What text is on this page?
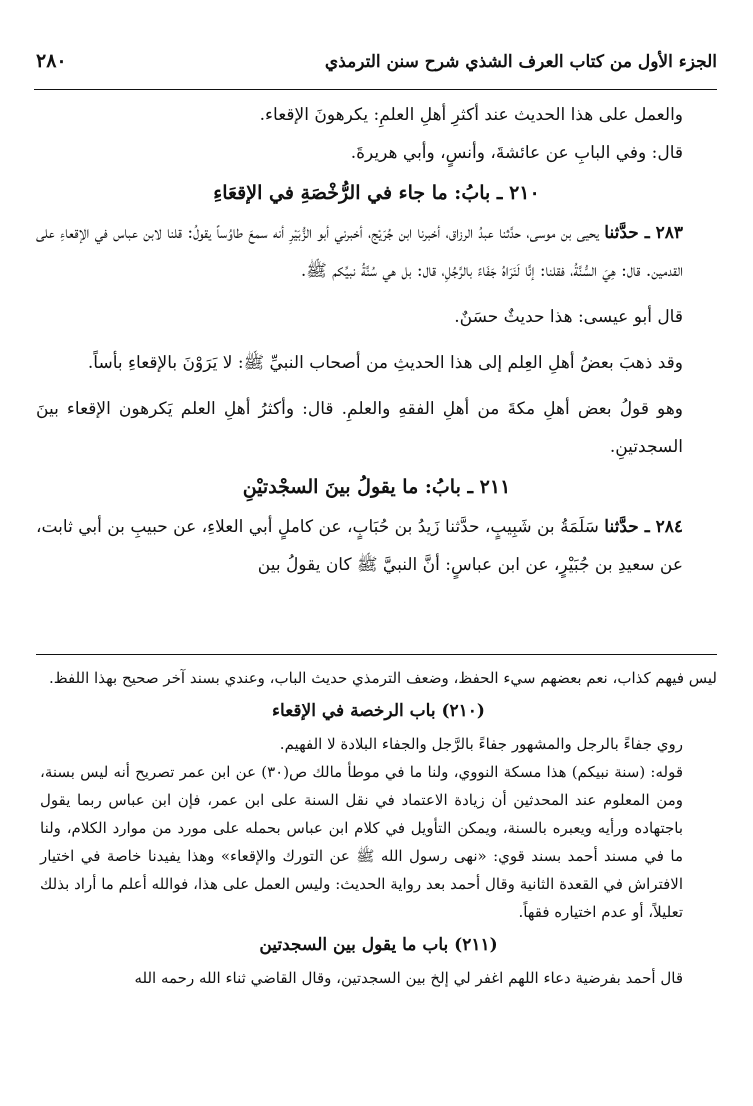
الجزء الأول من كتاب العرف الشذي شرح سنن الترمذي
٢٨٠

والعمل على هذا الحديث عند أكثرِ أهلِ العلمِ: يكرهونَ الإقعاء.

قال: وفي البابِ عن عائشةَ، وأنسٍ، وأبي هريرةَ.

٢١٠ ـ بابُ: ما جاء في الرُّخْصَةِ في الإقعَاءِ

٢٨٣ ـ حدَّثنا يحيى بن موسى، حدَّثنا عبدُ الرزاق، أخبرنا ابن جُرَيْج، أخبرني أبو الزُّبَيْرِ أنه سمعَ طاوُساً يقولُ: قلنا لابن عباس في الإقعاءِ على القدمين. قال: هِيَ السُّنَّةُ، فقلنا: إنَّا لَنَرَاهُ جَفَاءً بالرَّجُلِ، قال: بل هي سُنَّةُ نبيِّكم ﷺ.

قال أبو عيسى: هذا حديثٌ حسَنٌ.

وقد ذهبَ بعضُ أهلِ العِلم إلى هذا الحديثِ من أصحاب النبيِّ ﷺ: لا يَرَوْنَ بالإقعاءِ بأساً.

وهو قولُ بعض أهلِ مكةَ من أهلِ الفقهِ والعلمِ. قال: وأكثرُ أهلِ العلم يَكرهون الإقعاء بينَ السجدتينِ.

٢١١ ـ بابُ: ما يقولُ بينَ السجْدتيْنِ

٢٨٤ ـ حدَّثنا سَلَمَةُ بن شَبِيبٍ، حدَّثنا زَيدُ بن حُبَابٍ، عن كاملٍ أبي العلاءِ، عن حبيبِ بن أبي ثابت، عن سعيدِ بن جُبَيْرٍ، عن ابن عباسٍ: أنَّ النبيَّ ﷺ كان يقولُ بين

ليس فيهم كذاب، نعم بعضهم سيء الحفظ، وضعف الترمذي حديث الباب، وعندي بسند آخر صحيح بهذا اللفظ.

(٢١٠) باب الرخصة في الإقعاء

روي جفاءً بالرجل والمشهور جفاءً بالرَّجل والجفاء البلادة لا الفهيم.

قوله: (سنة نبيكم) هذا مسكة النووي، ولنا ما في موطأ مالك ص(٣٠) عن ابن عمر تصريح أنه ليس بسنة، ومن المعلوم عند المحدثين أن زيادة الاعتماد في نقل السنة على ابن عمر، فإن ابن عباس ربما يقول باجتهاده ورأيه ويعبره بالسنة، ويمكن التأويل في كلام ابن عباس بحمله على مورد من موارد الكلام، ولنا ما في مسند أحمد بسند قوي: «نهى رسول الله ﷺ عن التورك والإقعاء» وهذا يفيدنا خاصة في اختيار الافتراش في القعدة الثانية وقال أحمد بعد رواية الحديث: وليس العمل على هذا، فوالله أعلم ما أراد بذلك تعليلاً، أو عدم اختياره فقهاً.

(٢١١) باب ما يقول بين السجدتين

قال أحمد بفرضية دعاء اللهم اغفر لي إلخ بين السجدتين، وقال القاضي ثناء الله رحمه الله
